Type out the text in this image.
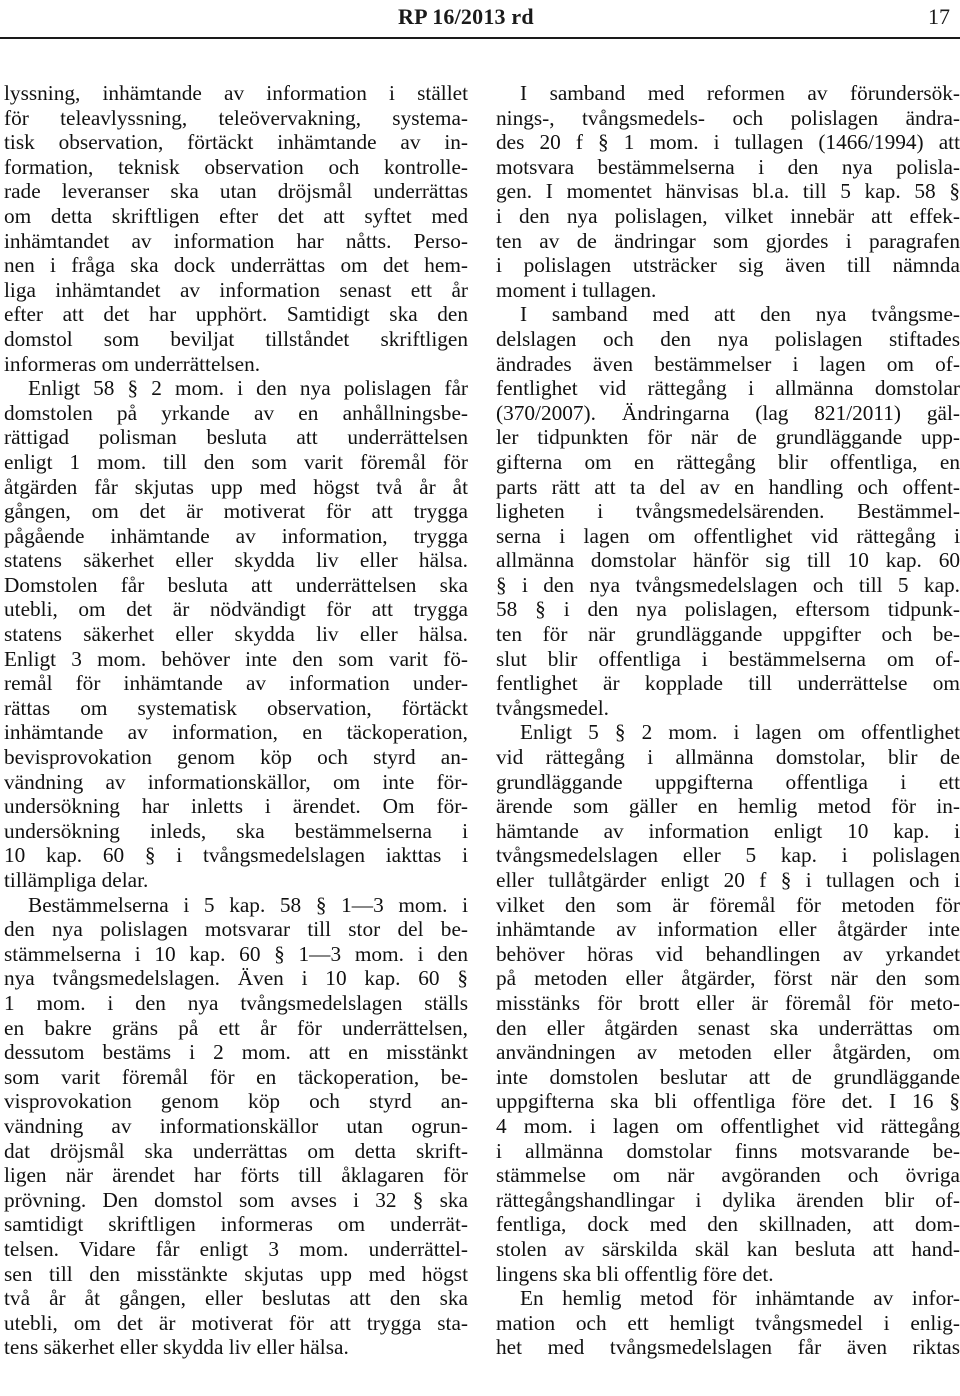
RP 16/2013 rd	17
lyssning, inhämtande av information i stället
för teleavlyssning, teleövervakning, systema-
tisk observation, förtäckt inhämtande av in-
formation, teknisk observation och kontrolle-
rade leveranser ska utan dröjsmål underrättas
om detta skriftligen efter det att syftet med
inhämtandet av information har nåtts. Perso-
nen i fråga ska dock underrättas om det hem-
liga inhämtandet av information senast ett år
efter att det har upphört. Samtidigt ska den
domstol som beviljat tillståndet skriftligen
informeras om underrättelsen.
Enligt 58 § 2 mom. i den nya polislagen får
domstolen på yrkande av en anhållningsbe-
rättigad polisman besluta att underrättelsen
enligt 1 mom. till den som varit föremål för
åtgärden får skjutas upp med högst två år åt
gången, om det är motiverat för att trygga
pågående inhämtande av information, trygga
statens säkerhet eller skydda liv eller hälsa.
Domstolen får besluta att underrättelsen ska
utebli, om det är nödvändigt för att trygga
statens säkerhet eller skydda liv eller hälsa.
Enligt 3 mom. behöver inte den som varit fö-
remål för inhämtande av information under-
rättas om systematisk observation, förtäckt
inhämtande av information, en täckoperation,
bevisprovokation genom köp och styrd an-
vändning av informationskällor, om inte för-
undersökning har inletts i ärendet. Om för-
undersökning inleds, ska bestämmelserna i
10 kap. 60 § i tvångsmedelslagen iakttas i
tillämpliga delar.
Bestämmelserna i 5 kap. 58 § 1—3 mom. i
den nya polislagen motsvarar till stor del be-
stämmelserna i 10 kap. 60 § 1—3 mom. i den
nya tvångsmedelslagen. Även i 10 kap. 60 §
1 mom. i den nya tvångsmedelslagen ställs
en bakre gräns på ett år för underrättelsen,
dessutom bestäms i 2 mom. att en misstänkt
som varit föremål för en täckoperation, be-
visprovokation genom köp och styrd an-
vändning av informationskällor utan ogrun-
dat dröjsmål ska underrättas om detta skrift-
ligen när ärendet har förts till åklagaren för
prövning. Den domstol som avses i 32 § ska
samtidigt skriftligen informeras om underrät-
telsen. Vidare får enligt 3 mom. underrättel-
sen till den misstänkte skjutas upp med högst
två år åt gången, eller beslutas att den ska
utebli, om det är motiverat för att trygga sta-
tens säkerhet eller skydda liv eller hälsa.
I samband med reformen av förundersök-
nings-, tvångsmedels- och polislagen ändra-
des 20 f § 1 mom. i tullagen (1466/1994) att
motsvara bestämmelserna i den nya polisla-
gen. I momentet hänvisas bl.a. till 5 kap. 58 §
i den nya polislagen, vilket innebär att effek-
ten av de ändringar som gjordes i paragrafen
i polislagen utsträcker sig även till nämnda
moment i tullagen.
I samband med att den nya tvångsme-
delslagen och den nya polislagen stiftades
ändrades även bestämmelser i lagen om of-
fentlighet vid rättegång i allmänna domstolar
(370/2007). Ändringarna (lag 821/2011) gäl-
ler tidpunkten för när de grundläggande upp-
gifterna om en rättegång blir offentliga, en
parts rätt att ta del av en handling och offent-
ligheten i tvångsmedelsärenden. Bestämmel-
serna i lagen om offentlighet vid rättegång i
allmänna domstolar hänför sig till 10 kap. 60
§ i den nya tvångsmedelslagen och till 5 kap.
58 § i den nya polislagen, eftersom tidpunk-
ten för när grundläggande uppgifter och be-
slut blir offentliga i bestämmelserna om of-
fentlighet är kopplade till underrättelse om
tvångsmedel.
Enligt 5 § 2 mom. i lagen om offentlighet
vid rättegång i allmänna domstolar, blir de
grundläggande uppgifterna offentliga i ett
ärende som gäller en hemlig metod för in-
hämtande av information enligt 10 kap. i
tvångsmedelslagen eller 5 kap. i polislagen
eller tullåtgärder enligt 20 f § i tullagen och i
vilket den som är föremål för metoden för
inhämtande av information eller åtgärder inte
behöver höras vid behandlingen av yrkandet
på metoden eller åtgärder, först när den som
misstänks för brott eller är föremål för meto-
den eller åtgärden senast ska underrättas om
användningen av metoden eller åtgärden, om
inte domstolen beslutar att de grundläggande
uppgifterna ska bli offentliga före det. I 16 §
4 mom. i lagen om offentlighet vid rättegång
i allmänna domstolar finns motsvarande be-
stämmelse om när avgöranden och övriga
rättegångshandlingar i dylika ärenden blir of-
fentliga, dock med den skillnaden, att dom-
stolen av särskilda skäl kan besluta att hand-
lingens ska bli offentlig före det.
En hemlig metod för inhämtande av infor-
mation och ett hemligt tvångsmedel i enlig-
het med tvångsmedelslagen får även riktas
